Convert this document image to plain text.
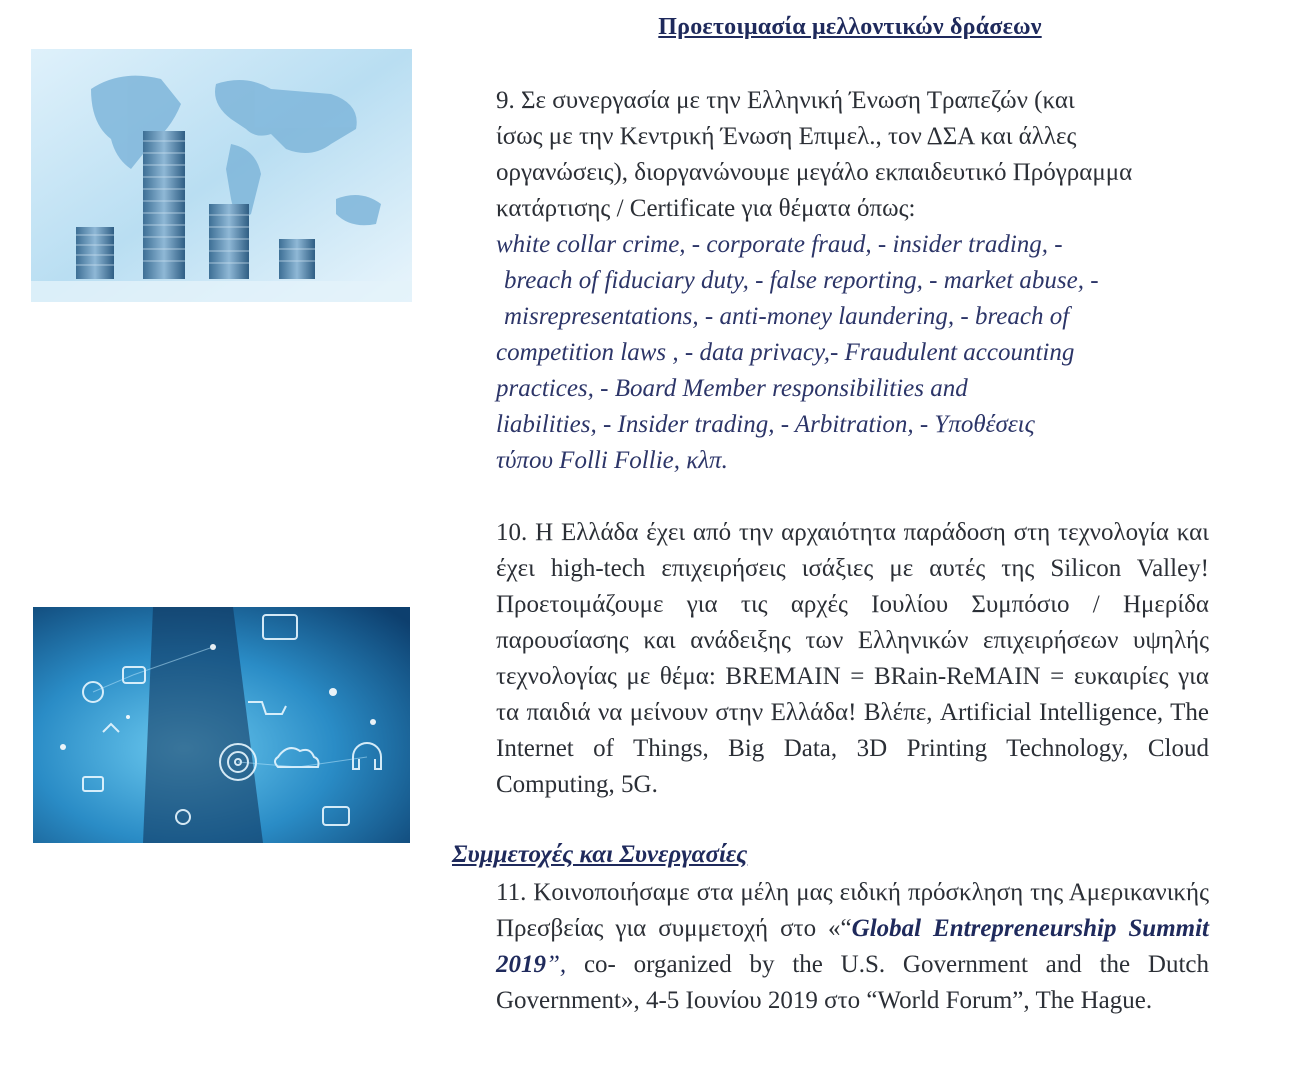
Προετοιμασία μελλοντικών δράσεων
9. Σε συνεργασία με την Ελληνική Ένωση Τραπεζών (και
ίσως με την Κεντρική Ένωση Επιμελ., τον ΔΣΑ και άλλες
οργανώσεις), διοργανώνουμε μεγάλο εκπαιδευτικό Πρόγραμμα
κατάρτισης / Certificate για θέματα όπως:
white collar crime, - corporate fraud, - insider trading, -
breach of fiduciary duty, - false reporting, - market abuse, -
misrepresentations, - anti-money laundering, - breach of
competition laws , - data privacy,- Fraudulent accounting
practices, - Board Member responsibilities and
liabilities, - Insider trading, - Arbitration, - Υποθέσεις
τύπου Folli Follie, κλπ.
10. Η Ελλάδα έχει από την αρχαιότητα παράδοση στη τεχνολογία και έχει high-tech επιχειρήσεις ισάξιες με αυτές της Silicon Valley! Προετοιμάζουμε για τις αρχές Ιουλίου Συμπόσιο / Ημερίδα παρουσίασης και ανάδειξης των Ελληνικών επιχειρήσεων υψηλής τεχνολογίας με θέμα: BREMAIN = BRain-ReMAIN = ευκαιρίες για τα παιδιά να μείνουν στην Ελλάδα! Βλέπε, Artificial Intelligence, The Internet of Things, Big Data, 3D Printing Technology, Cloud Computing, 5G.
Συμμετοχές και Συνεργασίες
11. Κοινοποιήσαμε στα μέλη μας ειδική πρόσκληση της Αμερικανικής Πρεσβείας για συμμετοχή στο «“Global Entrepreneurship Summit 2019”, co- organized by the U.S. Government and the Dutch Government», 4-5 Ιουνίου 2019 στο “World Forum”, The Hague.
